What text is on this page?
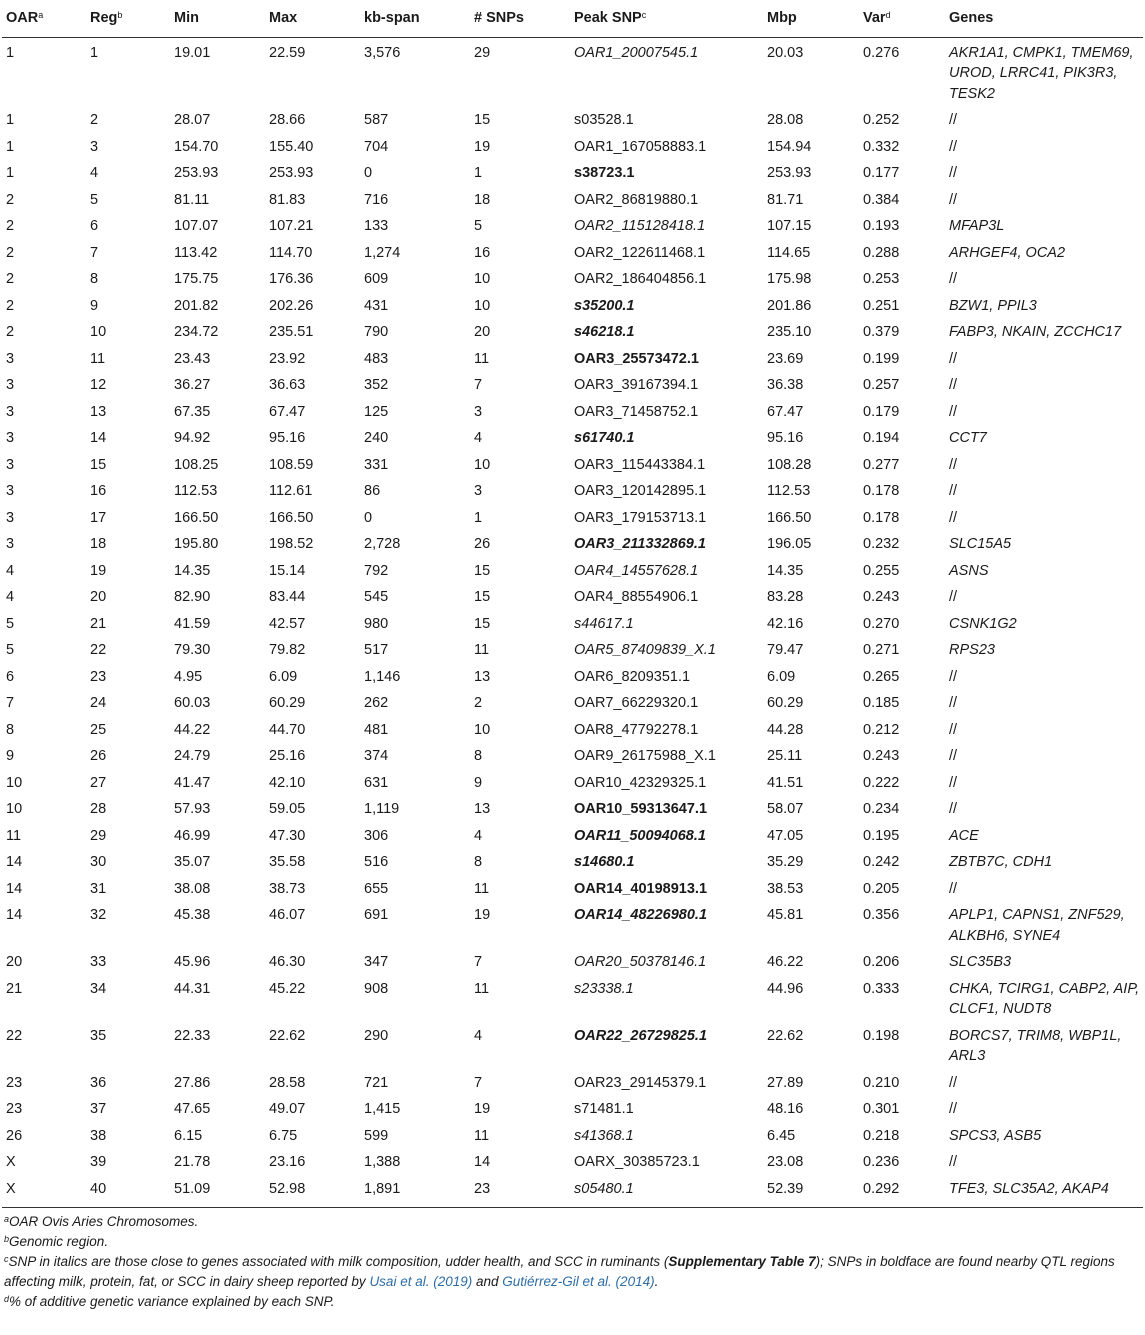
OAR$^a$	Reg$^b$	Min	Max	kb-span	# SNPs	Peak SNP$^c$	Mbp	Var$^d$	Genes
1	1	19.01	22.59	3,576	29	OAR1_20007545.1	20.03	0.276	AKR1A1, CMPK1, TMEM69, UROD, LRRC41, PIK3R3, TESK2
1	2	28.07	28.66	587	15	s03528.1	28.08	0.252	//
1	3	154.70	155.40	704	19	OAR1_167058883.1	154.94	0.332	//
1	4	253.93	253.93	0	1	s38723.1	253.93	0.177	//
2	5	81.11	81.83	716	18	OAR2_86819880.1	81.71	0.384	//
2	6	107.07	107.21	133	5	OAR2_115128418.1	107.15	0.193	MFAP3L
2	7	113.42	114.70	1,274	16	OAR2_122611468.1	114.65	0.288	ARHGEF4, OCA2
2	8	175.75	176.36	609	10	OAR2_186404856.1	175.98	0.253	//
2	9	201.82	202.26	431	10	s35200.1	201.86	0.251	BZW1, PPIL3
2	10	234.72	235.51	790	20	s46218.1	235.10	0.379	FABP3, NKAIN, ZCCHC17
3	11	23.43	23.92	483	11	OAR3_25573472.1	23.69	0.199	//
3	12	36.27	36.63	352	7	OAR3_39167394.1	36.38	0.257	//
3	13	67.35	67.47	125	3	OAR3_71458752.1	67.47	0.179	//
3	14	94.92	95.16	240	4	s61740.1	95.16	0.194	CCT7
3	15	108.25	108.59	331	10	OAR3_115443384.1	108.28	0.277	//
3	16	112.53	112.61	86	3	OAR3_120142895.1	112.53	0.178	//
3	17	166.50	166.50	0	1	OAR3_179153713.1	166.50	0.178	//
3	18	195.80	198.52	2,728	26	OAR3_211332869.1	196.05	0.232	SLC15A5
4	19	14.35	15.14	792	15	OAR4_14557628.1	14.35	0.255	ASNS
4	20	82.90	83.44	545	15	OAR4_88554906.1	83.28	0.243	//
5	21	41.59	42.57	980	15	s44617.1	42.16	0.270	CSNK1G2
5	22	79.30	79.82	517	11	OAR5_87409839_X.1	79.47	0.271	RPS23
6	23	4.95	6.09	1,146	13	OAR6_8209351.1	6.09	0.265	//
7	24	60.03	60.29	262	2	OAR7_66229320.1	60.29	0.185	//
8	25	44.22	44.70	481	10	OAR8_47792278.1	44.28	0.212	//
9	26	24.79	25.16	374	8	OAR9_26175988_X.1	25.11	0.243	//
10	27	41.47	42.10	631	9	OAR10_42329325.1	41.51	0.222	//
10	28	57.93	59.05	1,119	13	OAR10_59313647.1	58.07	0.234	//
11	29	46.99	47.30	306	4	OAR11_50094068.1	47.05	0.195	ACE
14	30	35.07	35.58	516	8	s14680.1	35.29	0.242	ZBTB7C, CDH1
14	31	38.08	38.73	655	11	OAR14_40198913.1	38.53	0.205	//
14	32	45.38	46.07	691	19	OAR14_48226980.1	45.81	0.356	APLP1, CAPNS1, ZNF529, ALKBH6, SYNE4
20	33	45.96	46.30	347	7	OAR20_50378146.1	46.22	0.206	SLC35B3
21	34	44.31	45.22	908	11	s23338.1	44.96	0.333	CHKA, TCIRG1, CABP2, AIP, CLCF1, NUDT8
22	35	22.33	22.62	290	4	OAR22_26729825.1	22.62	0.198	BORCS7, TRIM8, WBP1L, ARL3
23	36	27.86	28.58	721	7	OAR23_29145379.1	27.89	0.210	//
23	37	47.65	49.07	1,415	19	s71481.1	48.16	0.301	//
26	38	6.15	6.75	599	11	s41368.1	6.45	0.218	SPCS3, ASB5
X	39	21.78	23.16	1,388	14	OARX_30385723.1	23.08	0.236	//
X	40	51.09	52.98	1,891	23	s05480.1	52.39	0.292	TFE3, SLC35A2, AKAP4

$^a$OAR Ovis Aries Chromosomes.

$^b$Genomic region.

$^c$SNP in italics are those close to genes associated with milk composition, udder health, and SCC in ruminants (Supplementary Table 7); SNPs in boldface are found nearby QTL regions affecting milk, protein, fat, or SCC in dairy sheep reported by Usai et al. (2019) and Gutiérrez-Gil et al. (2014).

$^d$% of additive genetic variance explained by each SNP.
